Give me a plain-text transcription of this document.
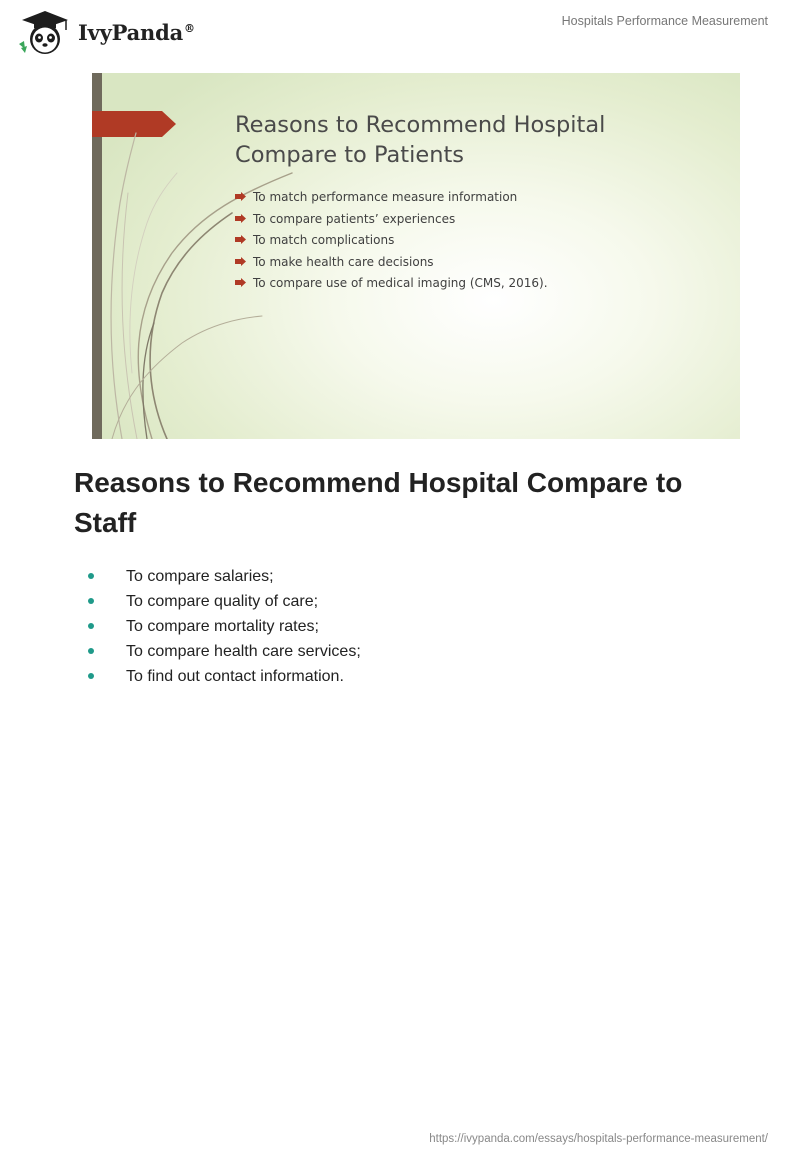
IvyPanda®	Hospitals Performance Measurement
Reasons to Recommend Hospital Compare to Patients
To match performance measure information
To compare patients’ experiences
To match complications
To make health care decisions
To compare use of medical imaging (CMS, 2016).
Reasons to Recommend Hospital Compare to Staff
To compare salaries;
To compare quality of care;
To compare mortality rates;
To compare health care services;
To find out contact information.
https://ivypanda.com/essays/hospitals-performance-measurement/
